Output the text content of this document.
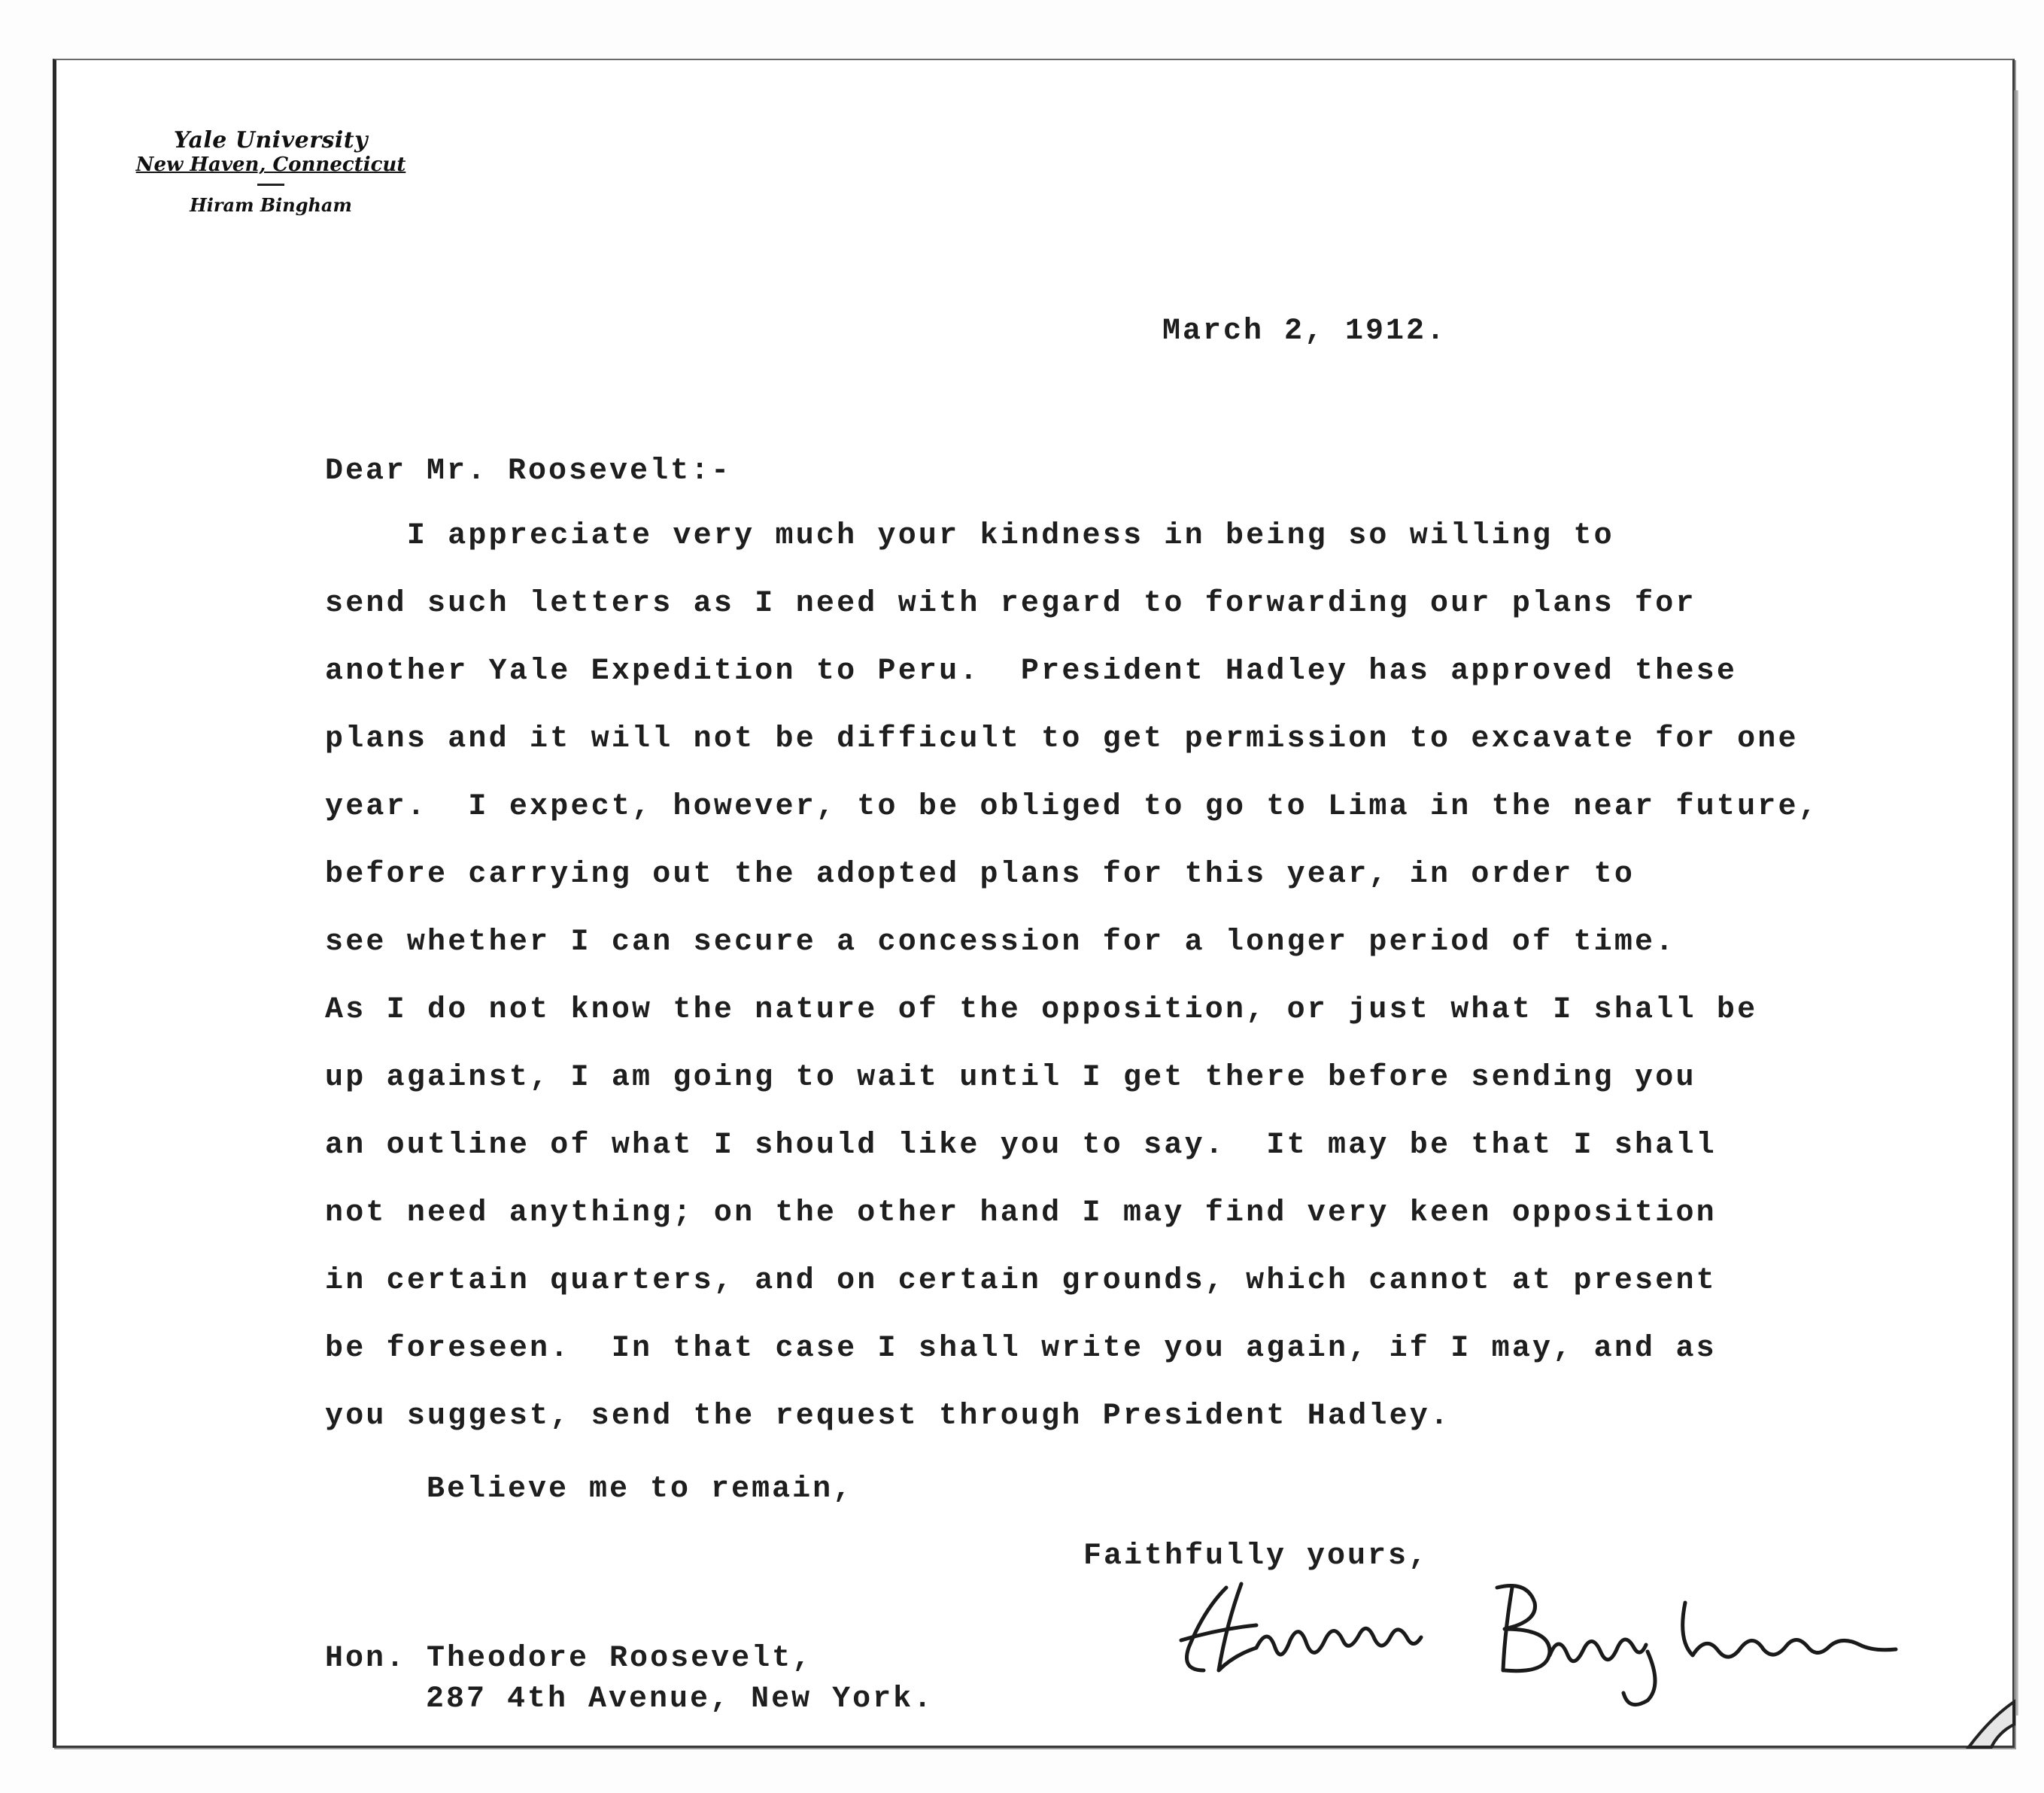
Yale University
New Haven, Connecticut
Hiram Bingham
March 2, 1912.
Dear Mr. Roosevelt:-
I appreciate very much your kindness in being so willing to
send such letters as I need with regard to forwarding our plans for
another Yale Expedition to Peru.  President Hadley has approved these
plans and it will not be difficult to get permission to excavate for one
year.  I expect, however, to be obliged to go to Lima in the near future,
before carrying out the adopted plans for this year, in order to
see whether I can secure a concession for a longer period of time.
As I do not know the nature of the opposition, or just what I shall be
up against, I am going to wait until I get there before sending you
an outline of what I should like you to say.  It may be that I shall
not need anything; on the other hand I may find very keen opposition
in certain quarters, and on certain grounds, which cannot at present
be foreseen.  In that case I shall write you again, if I may, and as
you suggest, send the request through President Hadley.
Believe me to remain,
Faithfully yours,
Hon. Theodore Roosevelt,
287 4th Avenue, New York.
